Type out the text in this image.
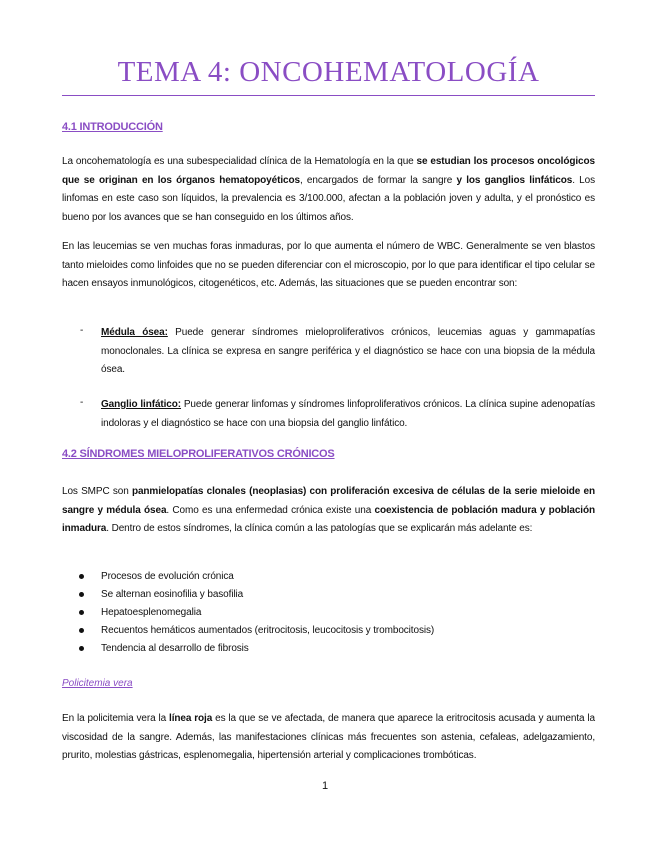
TEMA 4: ONCOHEMATOLOGÍA
4.1 INTRODUCCIÓN
La oncohematología es una subespecialidad clínica de la Hematología en la que se estudian los procesos oncológicos que se originan en los órganos hematopoyéticos, encargados de formar la sangre y los ganglios linfáticos. Los linfomas en este caso son líquidos, la prevalencia es 3/100.000, afectan a la población joven y adulta, y el pronóstico es bueno por los avances que se han conseguido en los últimos años.
En las leucemias se ven muchas foras inmaduras, por lo que aumenta el número de WBC. Generalmente se ven blastos tanto mieloides como linfoides que no se pueden diferenciar con el microscopio, por lo que para identificar el tipo celular se hacen ensayos inmunológicos, citogenéticos, etc. Además, las situaciones que se pueden encontrar son:
- Médula ósea: Puede generar síndromes mieloproliferativos crónicos, leucemias aguas y gammapatías monoclonales. La clínica se expresa en sangre periférica y el diagnóstico se hace con una biopsia de la médula ósea.
- Ganglio linfático: Puede generar linfomas y síndromes linfoproliferativos crónicos. La clínica supine adenopatías indoloras y el diagnóstico se hace con una biopsia del ganglio linfático.
4.2 SÍNDROMES MIELOPROLIFERATIVOS CRÓNICOS
Los SMPC son panmielopatías clonales (neoplasias) con proliferación excesiva de células de la serie mieloide en sangre y médula ósea. Como es una enfermedad crónica existe una coexistencia de población madura y población inmadura. Dentro de estos síndromes, la clínica común a las patologías que se explicarán más adelante es:
Procesos de evolución crónica
Se alternan eosinofilia y basofilia
Hepatoesplenomegalia
Recuentos hemáticos aumentados (eritrocitosis, leucocitosis y trombocitosis)
Tendencia al desarrollo de fibrosis
Policitemia vera
En la policitemia vera la línea roja es la que se ve afectada, de manera que aparece la eritrocitosis acusada y aumenta la viscosidad de la sangre. Además, las manifestaciones clínicas más frecuentes son astenia, cefaleas, adelgazamiento, prurito, molestias gástricas, esplenomegalia, hipertensión arterial y complicaciones trombóticas.
1
